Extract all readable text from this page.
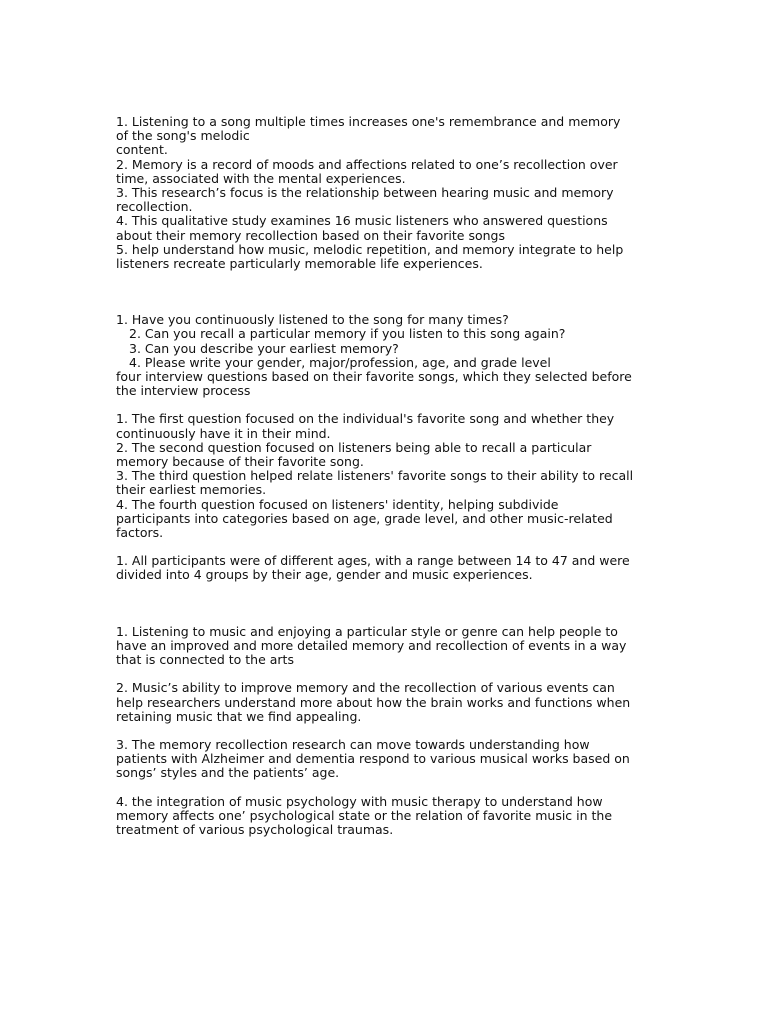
1. Listening to a song multiple times increases one's remembrance and memory
of the song's melodic
content.
2. Memory is a record of moods and affections related to one’s recollection over
time, associated with the mental experiences.
3. This research’s focus is the relationship between hearing music and memory
recollection.
4. This qualitative study examines 16 music listeners who answered questions
about their memory recollection based on their favorite songs
5. help understand how music, melodic repetition, and memory integrate to help
listeners recreate particularly memorable life experiences.
1. Have you continuously listened to the song for many times?
2. Can you recall a particular memory if you listen to this song again?
3. Can you describe your earliest memory?
4. Please write your gender, major/profession, age, and grade level
four interview questions based on their favorite songs, which they selected before
the interview process
1. The first question focused on the individual's favorite song and whether they
continuously have it in their mind.
2. The second question focused on listeners being able to recall a particular
memory because of their favorite song.
3. The third question helped relate listeners' favorite songs to their ability to recall
their earliest memories.
4. The fourth question focused on listeners' identity, helping subdivide
participants into categories based on age, grade level, and other music-related
factors.
1. All participants were of different ages, with a range between 14 to 47 and were
divided into 4 groups by their age, gender and music experiences.
1. Listening to music and enjoying a particular style or genre can help people to
have an improved and more detailed memory and recollection of events in a way
that is connected to the arts
2. Music’s ability to improve memory and the recollection of various events can
help researchers understand more about how the brain works and functions when
retaining music that we find appealing.
3. The memory recollection research can move towards understanding how
patients with Alzheimer and dementia respond to various musical works based on
songs’ styles and the patients’ age.
4. the integration of music psychology with music therapy to understand how
memory affects one’ psychological state or the relation of favorite music in the
treatment of various psychological traumas.
